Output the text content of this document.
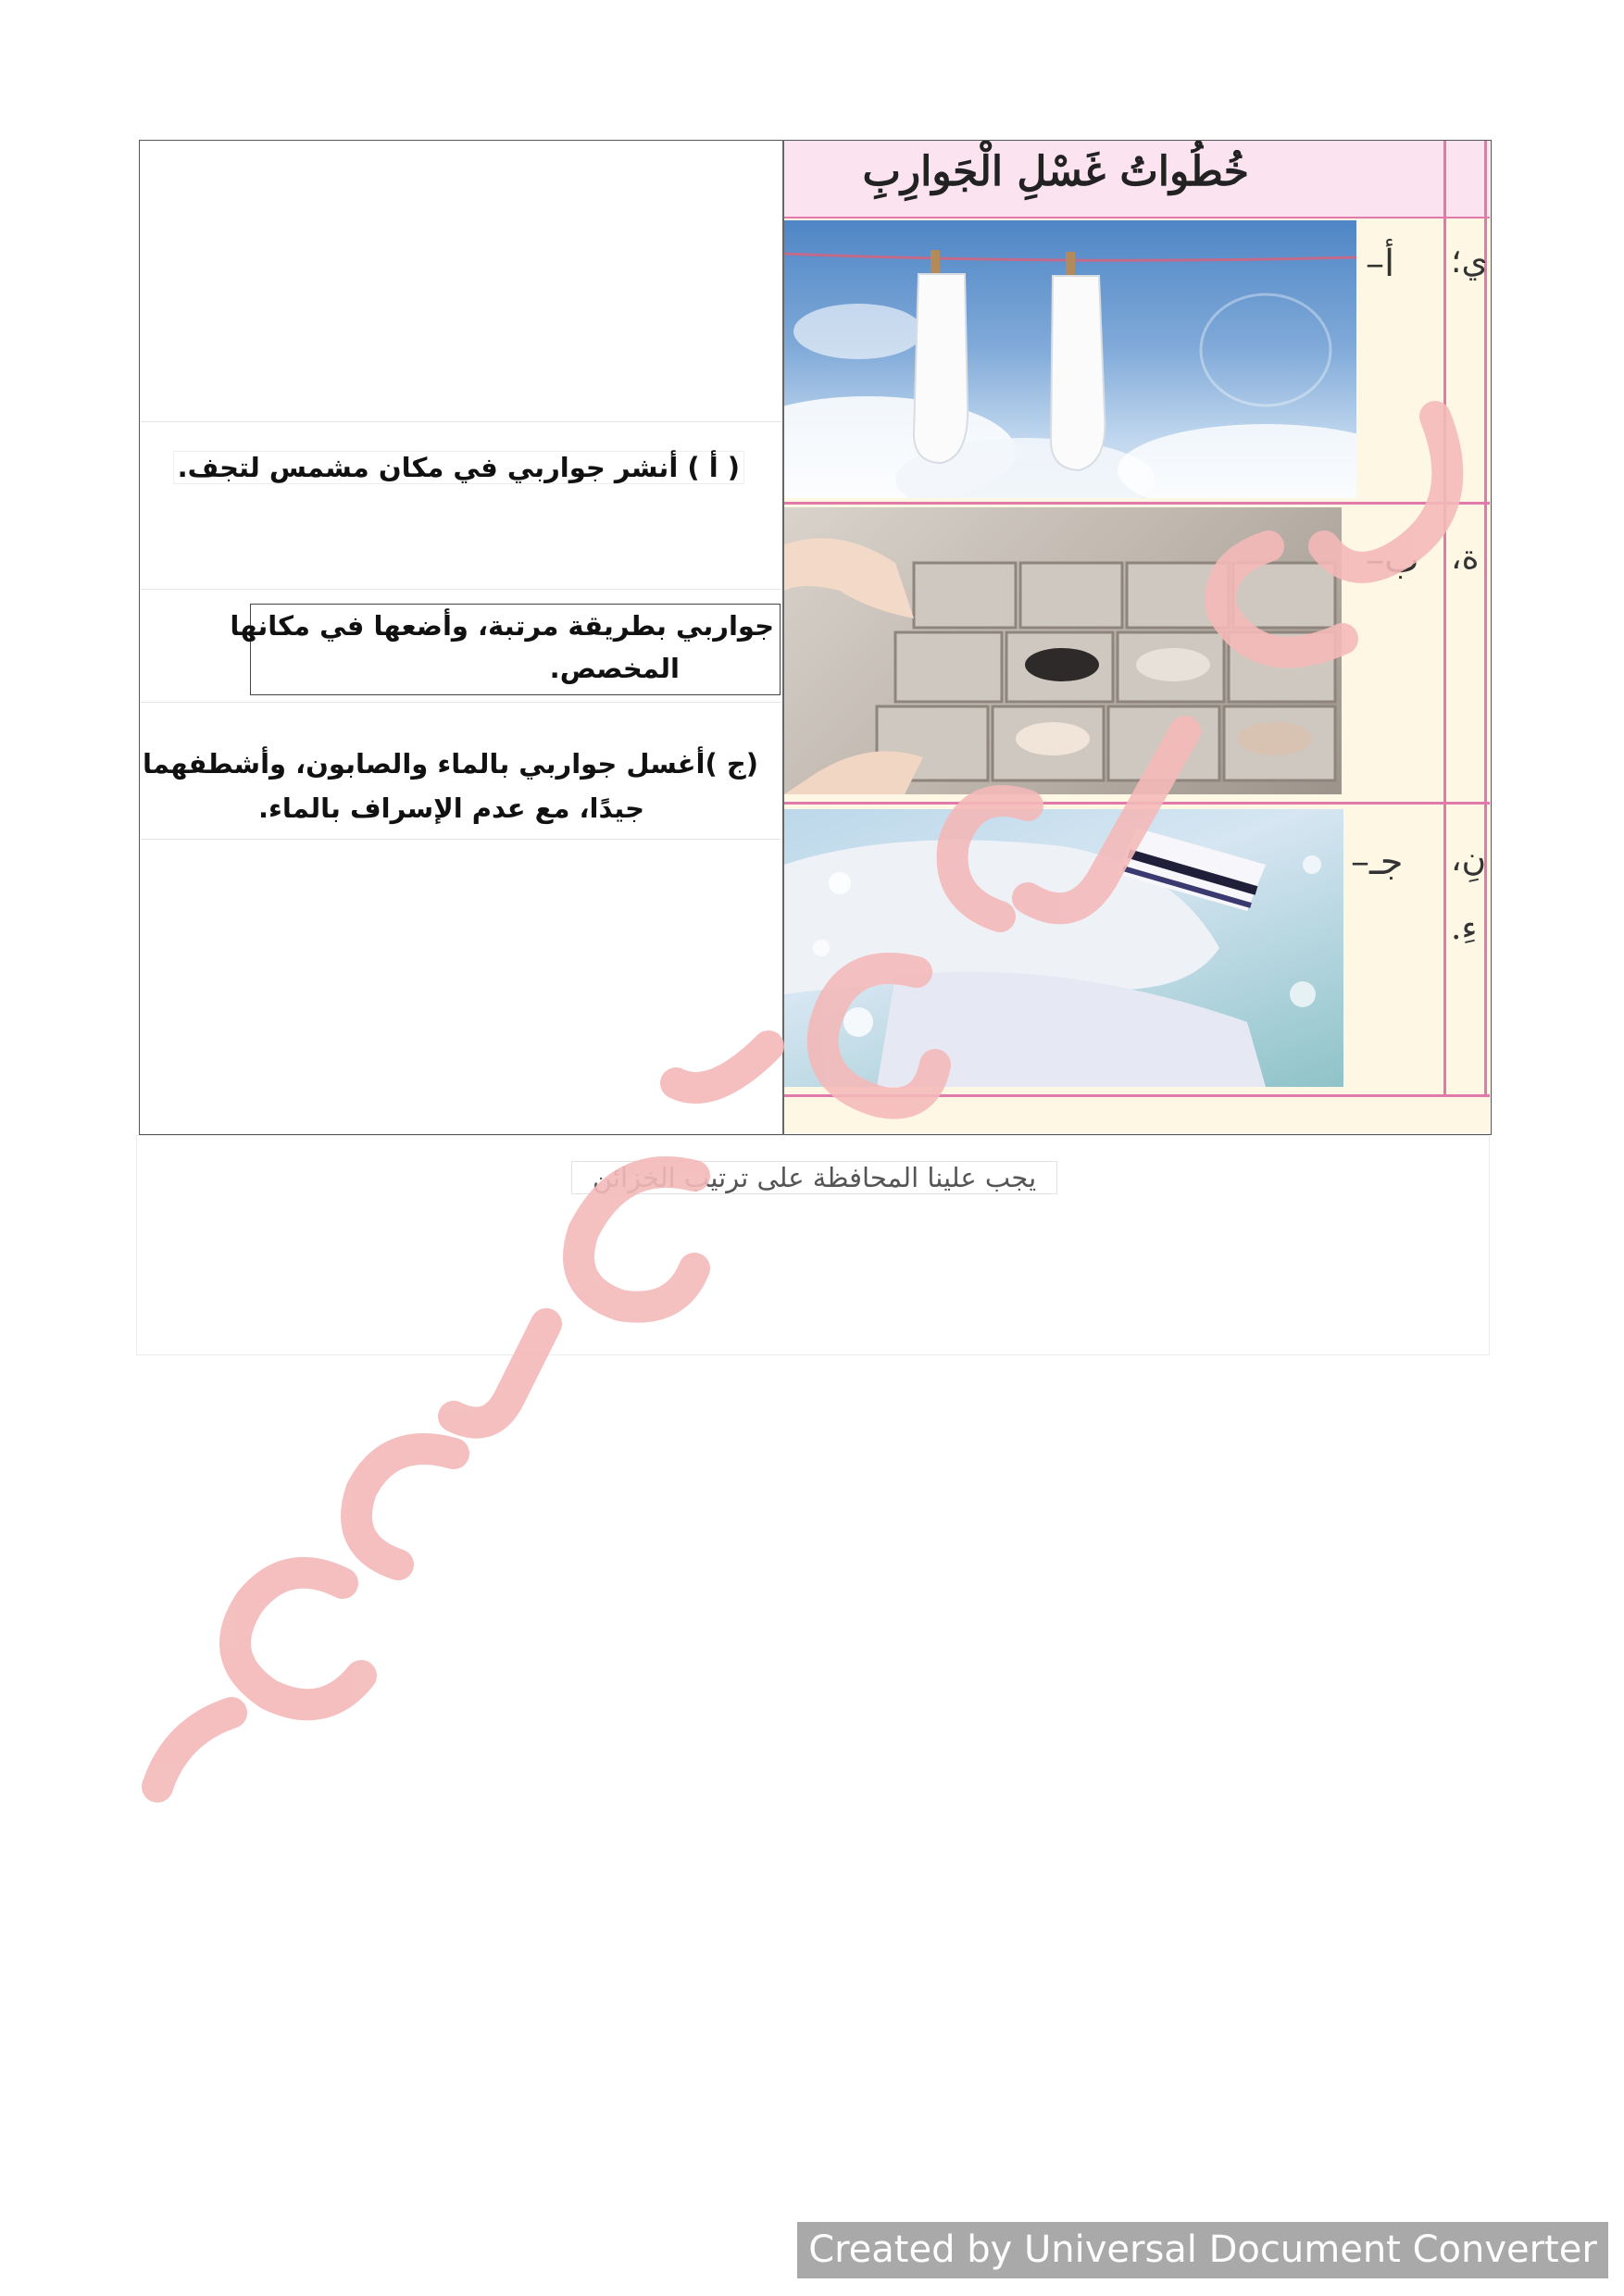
( أ ) أنشر جواربي في مكان مشمس لتجف.
جواربي بطريقة مرتبة، وأضعها في مكانها
المخصص.
(ج )أغسل جواربي بالماء والصابون، وأشطفهما
جيدًا، مع عدم الإسراف بالماء.
خُطُواتُ غَسْلِ الْجَوارِبِ
أ–
ب–
جـ–
ي؛
ة،
نِ،
ءِ.
يجب علينا المحافظة على ترتيب الخزائن
Created by Universal Document Converter
